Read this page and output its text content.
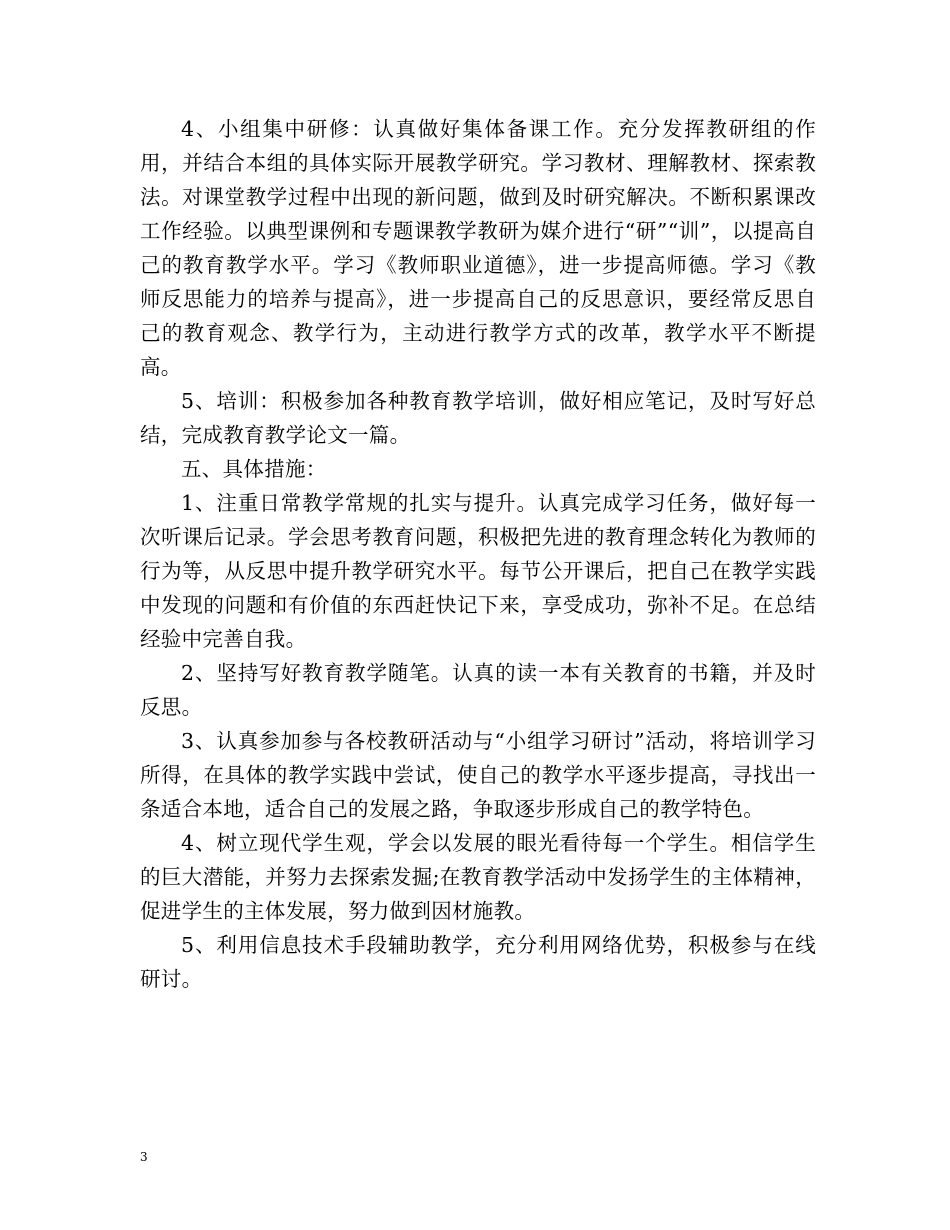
4、小组集中研修：认真做好集体备课工作。充分发挥教研组的作用，并结合本组的具体实际开展教学研究。学习教材、理解教材、探索教法。对课堂教学过程中出现的新问题，做到及时研究解决。不断积累课改工作经验。以典型课例和专题课教学教研为媒介进行“研”“训”，以提高自己的教育教学水平。学习《教师职业道德》，进一步提高师德。学习《教师反思能力的培养与提高》，进一步提高自己的反思意识，要经常反思自己的教育观念、教学行为，主动进行教学方式的改革，教学水平不断提高。

5、培训：积极参加各种教育教学培训，做好相应笔记，及时写好总结，完成教育教学论文一篇。

五、具体措施：

1、注重日常教学常规的扎实与提升。认真完成学习任务，做好每一次听课后记录。学会思考教育问题，积极把先进的教育理念转化为教师的行为等，从反思中提升教学研究水平。每节公开课后，把自己在教学实践中发现的问题和有价值的东西赶快记下来，享受成功，弥补不足。在总结经验中完善自我。

2、坚持写好教育教学随笔。认真的读一本有关教育的书籍，并及时反思。

3、认真参加参与各校教研活动与“小组学习研讨”活动，将培训学习所得，在具体的教学实践中尝试，使自己的教学水平逐步提高，寻找出一条适合本地，适合自己的发展之路，争取逐步形成自己的教学特色。

4、树立现代学生观，学会以发展的眼光看待每一个学生。相信学生的巨大潜能，并努力去探索发掘;在教育教学活动中发扬学生的主体精神，促进学生的主体发展，努力做到因材施教。

5、利用信息技术手段辅助教学，充分利用网络优势，积极参与在线研讨。

3
